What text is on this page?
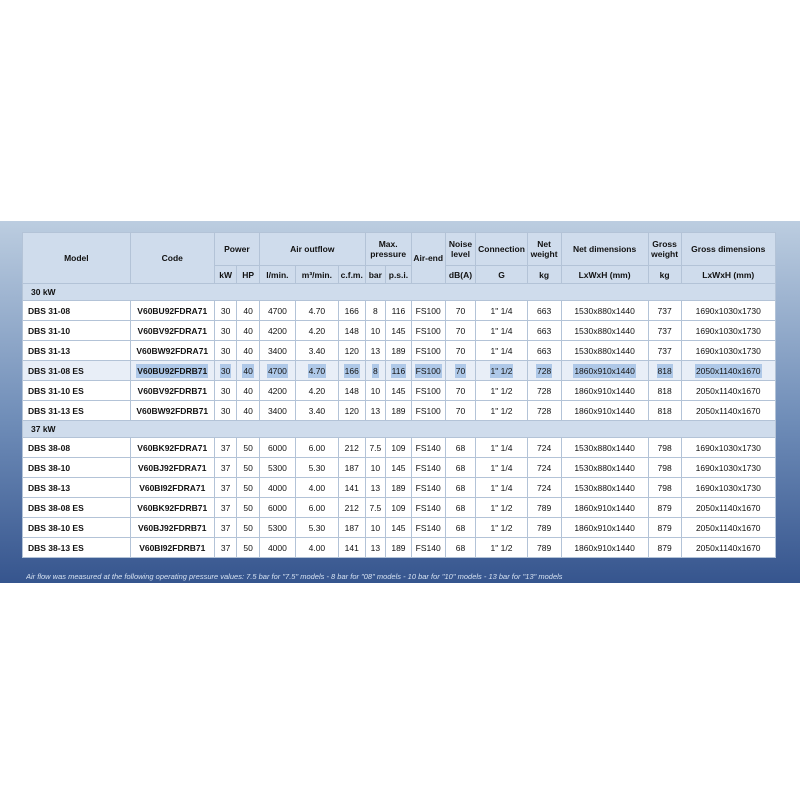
Model	Code	Power		Air outflow			Max. pressure		Air-end	Noise level	Connection	Net weight	Net dimensions	Gross weight	Gross dimensions
		kW	HP	l/min.	m³/min.	c.f.m.	bar	p.s.i.		dB(A)	G	kg	LxWxH (mm)	kg	LxWxH (mm)
30 kW															
DBS 31-08	V60BU92FDRA71	30	40	4700	4.70	166	8	116	FS100	70	1" 1/4	663	1530x880x1440	737	1690x1030x1730
DBS 31-10	V60BV92FDRA71	30	40	4200	4.20	148	10	145	FS100	70	1" 1/4	663	1530x880x1440	737	1690x1030x1730
DBS 31-13	V60BW92FDRA71	30	40	3400	3.40	120	13	189	FS100	70	1" 1/4	663	1530x880x1440	737	1690x1030x1730
DBS 31-08 ES	V60BU92FDRB71	30	40	4700	4.70	166	8	116	FS100	70	1" 1/2	728	1860x910x1440	818	2050x1140x1670
DBS 31-10 ES	V60BV92FDRB71	30	40	4200	4.20	148	10	145	FS100	70	1" 1/2	728	1860x910x1440	818	2050x1140x1670
DBS 31-13 ES	V60BW92FDRB71	30	40	3400	3.40	120	13	189	FS100	70	1" 1/2	728	1860x910x1440	818	2050x1140x1670
37 kW															
DBS 38-08	V60BK92FDRA71	37	50	6000	6.00	212	7.5	109	FS140	68	1" 1/4	724	1530x880x1440	798	1690x1030x1730
DBS 38-10	V60BJ92FDRA71	37	50	5300	5.30	187	10	145	FS140	68	1" 1/4	724	1530x880x1440	798	1690x1030x1730
DBS 38-13	V60BI92FDRA71	37	50	4000	4.00	141	13	189	FS140	68	1" 1/4	724	1530x880x1440	798	1690x1030x1730
DBS 38-08 ES	V60BK92FDRB71	37	50	6000	6.00	212	7.5	109	FS140	68	1" 1/2	789	1860x910x1440	879	2050x1140x1670
DBS 38-10 ES	V60BJ92FDRB71	37	50	5300	5.30	187	10	145	FS140	68	1" 1/2	789	1860x910x1440	879	2050x1140x1670
DBS 38-13 ES	V60BI92FDRB71	37	50	4000	4.00	141	13	189	FS140	68	1" 1/2	789	1860x910x1440	879	2050x1140x1670
Air flow was measured at the following operating pressure values: 7.5 bar for "7.5" models - 8 bar for "08" models - 10 bar for "10" models - 13 bar for "13" models
